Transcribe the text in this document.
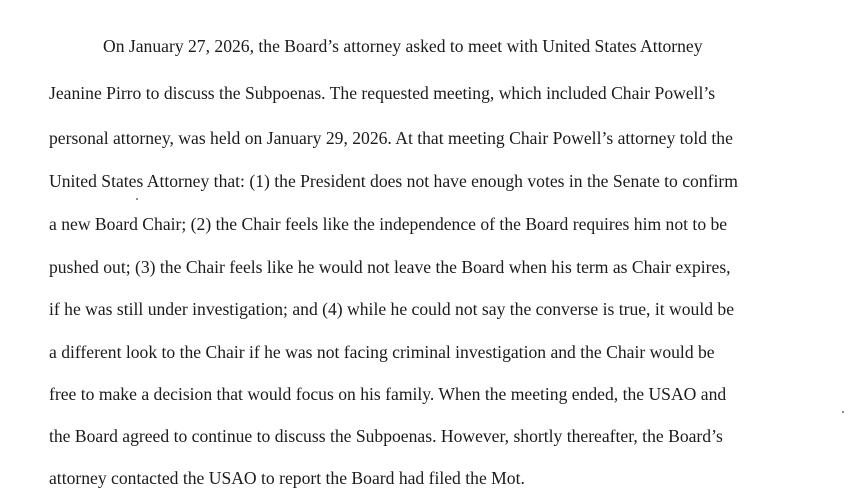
On January 27, 2026, the Board’s attorney asked to meet with United States Attorney
Jeanine Pirro to discuss the Subpoenas. The requested meeting, which included Chair Powell’s
personal attorney, was held on January 29, 2026. At that meeting Chair Powell’s attorney told the
United States Attorney that: (1) the President does not have enough votes in the Senate to confirm
a new Board Chair; (2) the Chair feels like the independence of the Board requires him not to be
pushed out; (3) the Chair feels like he would not leave the Board when his term as Chair expires,
if he was still under investigation; and (4) while he could not say the converse is true, it would be
a different look to the Chair if he was not facing criminal investigation and the Chair would be
free to make a decision that would focus on his family. When the meeting ended, the USAO and
the Board agreed to continue to discuss the Subpoenas. However, shortly thereafter, the Board’s
attorney contacted the USAO to report the Board had filed the Mot.
